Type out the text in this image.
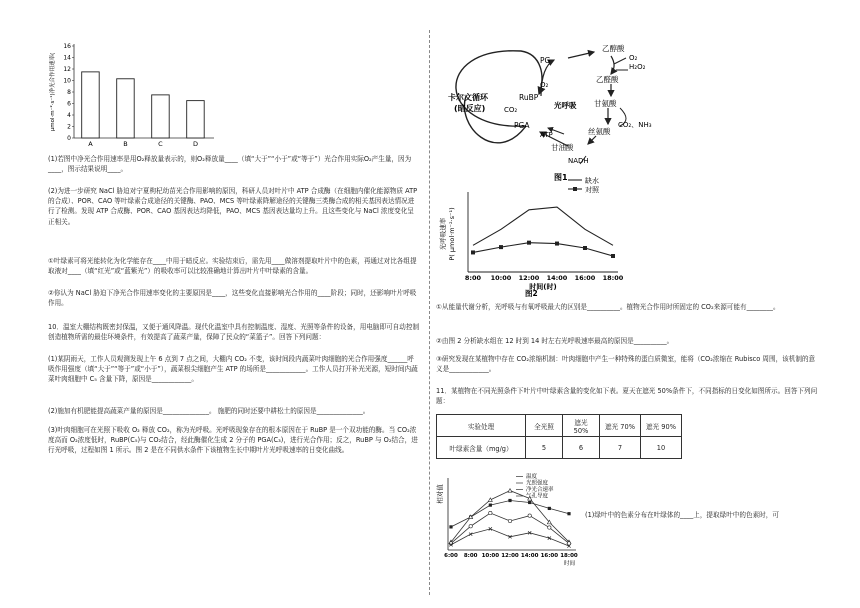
0
2
4
6
8
10
12
14
16
μmol·m⁻²·s⁻¹)净光合作用速率(
A	B	C	D
(1)若图中净光合作用速率是用O₂释放量表示的，则O₂释放量____（填“大于”“小于”或“等于”）光合作用实际O₂产生量，因为____，图示结果说明____。
(2)为进一步研究 NaCl 胁迫对宁夏枸杞幼苗光合作用影响的原因，科研人员对叶片中 ATP 合成酶（在细胞内催化能源物质 ATP 的合成）、POR、CAO 等叶绿素合成途径的关键酶、PAO、MCS 等叶绿素降解途径的关键酶三类酶合成的相关基因表达情况进行了检测。发现 ATP 合成酶、POR、CAO 基因表达均降低，PAO、MCS 基因表达量均上升。且这些变化与 NaCl 浓度变化呈正相关。
①叶绿素可将光能转化为化学能存在____中用于暗反应。实验结束后，需先用____做溶剂提取叶片中的色素，再通过对比各组提取液对____（填“红光”或“蓝紫光”）的吸收率可以比较准确地计算出叶片中叶绿素的含量。
②你认为 NaCl 胁迫下净光合作用速率变化的主要原因是____，这些变化直接影响光合作用的____阶段；同时，还影响叶片呼吸作用。
10．温室大棚结构既密封保温，又便于通风降温。现代化温室中具有控制温度、湿度、光照等条件的设备，用电脑即可自动控制创造植物所需的最佳环境条件，有效提高了蔬菜产量，保障了民众的“菜篮子”。回答下列问题：
(1)某阴雨天，工作人员观测发现上午 6 点到 7 点之间，大棚内 CO₂ 不变，该时间段内蔬菜叶肉细胞的光合作用强度______呼吸作用强度（填“大于”“等于”或“小于”），蔬菜根尖细胞产生 ATP 的场所是____________。工作人员打开补光光源，短时间内蔬菜叶肉细胞中 C₅ 含量下降，原因是____________。
(2)施加有机肥能提高蔬菜产量的原因是______________。 施肥的同时还要中耕松土的原因是______________。
(3)叶肉细胞可在光照下吸收 O₂ 释放 CO₂，称为光呼吸。光呼吸现象存在的根本原因在于 RuBP 是一个双功能的酶。当 CO₂浓度高而 O₂浓度低时，RuBP(C₅)与 CO₂结合，经此酶催化生成 2 分子的 PGA(C₃)，进行光合作用；反之，RuBP 与 O₂结合，进行光呼吸，过程如图 1 所示。图 2 是在不同供水条件下该植物生长中期叶片光呼吸速率的日变化曲线。
PG
乙醇酸
O₂
H₂O₂
乙醛酸
卡尔文循环
(暗反应)
RuBP
O₂
CO₂	光呼吸 甘氨酸
CO₂、NH₃
PGA
ATP	丝氨酸
甘油酸
NADH
图1
光呼吸速率 P( μmol·m⁻²·s⁻¹)
8:00 10:00 12:00 14:00 16:00 18:00
缺水
对照
时间(时)
图2
①从能量代谢分析，光呼吸与有氧呼吸最大的区别是__________。植物光合作用时所固定的 CO₂来源可能有________。
②由图 2 分析缺水组在 12 时到 14 时左右光呼吸速率最高的原因是__________。
③研究发现在某植物中存在 CO₂浓缩机制：叶肉细胞中产生一种特殊的蛋白质微室，能将（CO₂浓缩在 Rubisco 周围，该机制的意义是____________。
11．某植物在不同光照条件下叶片中叶绿素含量的变化如下表。夏天在遮光 50%条件下，不同指标的日变化如图所示。回答下列问题：
实验处理	全光照	遮光 50%	遮光 70%	遮光 90%
叶绿素含量（mg/g）	5	6	7	10
相对值
6:00 8:00 10:00 12:00 14:00 16:00 18:00
时间
温度
光照强度
净光合速率
气孔导度
(1)绿叶中的色素分布在叶绿体的____上，提取绿叶中的色素时，可
